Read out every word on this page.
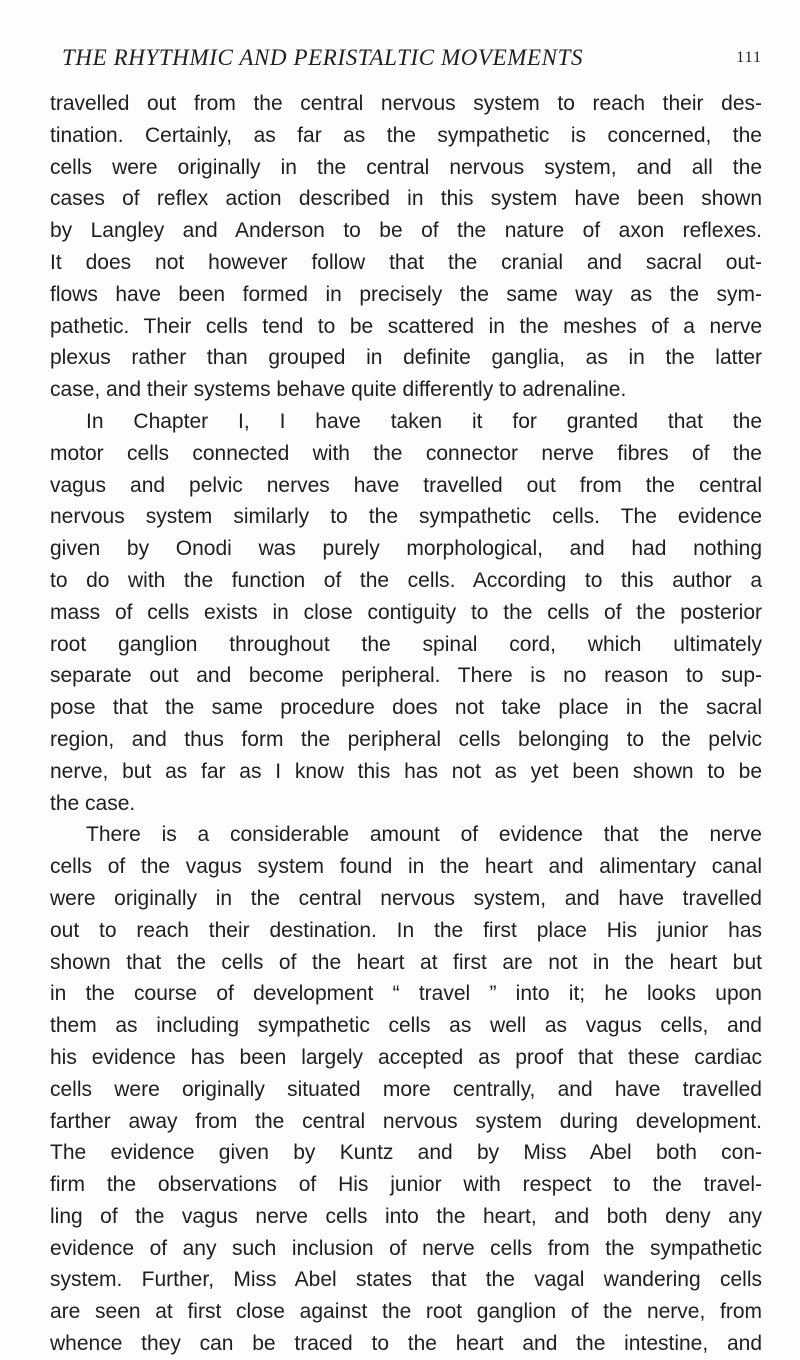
THE RHYTHMIC AND PERISTALTIC MOVEMENTS	111
travelled out from the central nervous system to reach their des-
tination. Certainly, as far as the sympathetic is concerned, the
cells were originally in the central nervous system, and all the
cases of reflex action described in this system have been shown
by Langley and Anderson to be of the nature of axon reflexes.
It does not however follow that the cranial and sacral out-
flows have been formed in precisely the same way as the sym-
pathetic. Their cells tend to be scattered in the meshes of a nerve
plexus rather than grouped in definite ganglia, as in the latter
case, and their systems behave quite differently to adrenaline.
In Chapter I, I have taken it for granted that the
motor cells connected with the connector nerve fibres of the
vagus and pelvic nerves have travelled out from the central
nervous system similarly to the sympathetic cells. The evidence
given by Onodi was purely morphological, and had nothing
to do with the function of the cells. According to this author a
mass of cells exists in close contiguity to the cells of the posterior
root ganglion throughout the spinal cord, which ultimately
separate out and become peripheral. There is no reason to sup-
pose that the same procedure does not take place in the sacral
region, and thus form the peripheral cells belonging to the pelvic
nerve, but as far as I know this has not as yet been shown to be
the case.
There is a considerable amount of evidence that the nerve
cells of the vagus system found in the heart and alimentary canal
were originally in the central nervous system, and have travelled
out to reach their destination. In the first place His junior has
shown that the cells of the heart at first are not in the heart but
in the course of development “ travel ” into it; he looks upon
them as including sympathetic cells as well as vagus cells, and
his evidence has been largely accepted as proof that these cardiac
cells were originally situated more centrally, and have travelled
farther away from the central nervous system during development.
The evidence given by Kuntz and by Miss Abel both con-
firm the observations of His junior with respect to the travel-
ling of the vagus nerve cells into the heart, and both deny any
evidence of any such inclusion of nerve cells from the sympathetic
system. Further, Miss Abel states that the vagal wandering cells
are seen at first close against the root ganglion of the nerve, from
whence they can be traced to the heart and the intestine, and
